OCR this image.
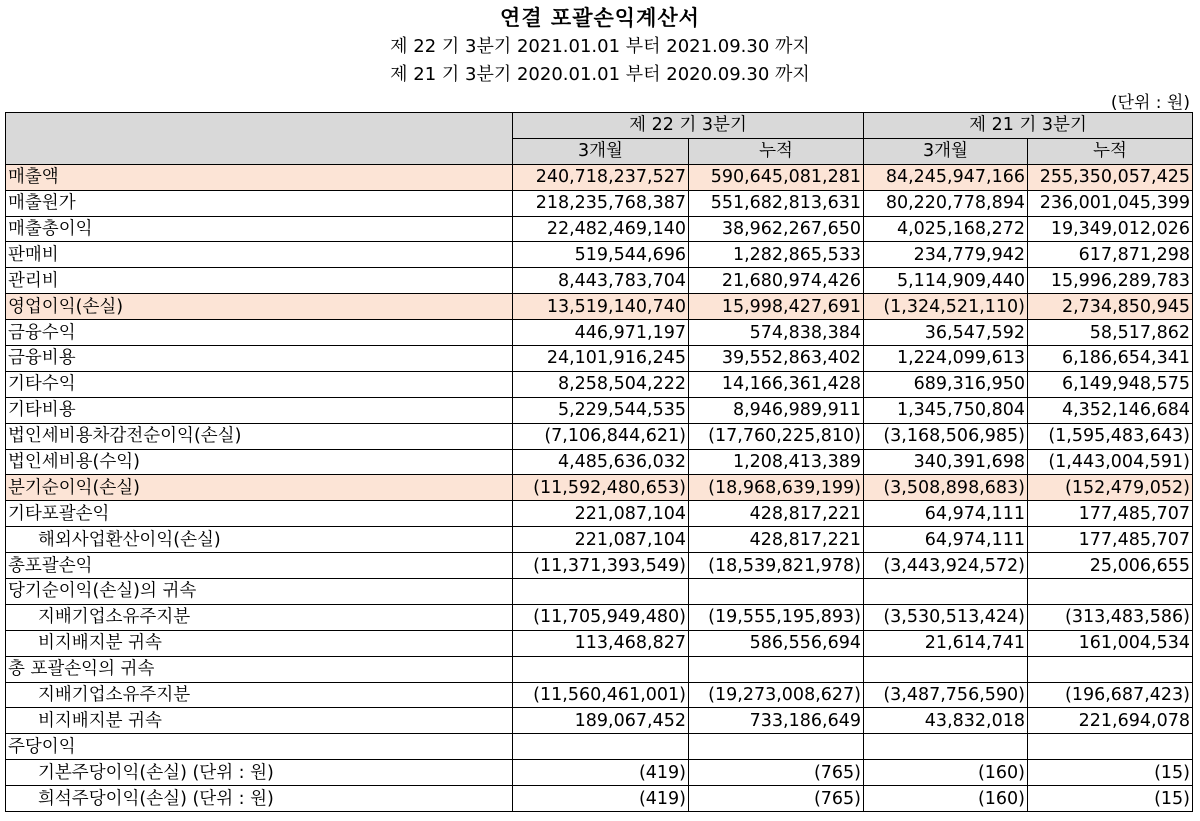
연결 포괄손익계산서
제 22 기 3분기 2021.01.01 부터 2021.09.30 까지
제 21 기 3분기 2020.01.01 부터 2020.09.30 까지
(단위 : 원)
	제 22 기 3분기		제 21 기 3분기	
	3개월	누적	3개월	누적
매출액	240,718,237,527	590,645,081,281	84,245,947,166	255,350,057,425
매출원가	218,235,768,387	551,682,813,631	80,220,778,894	236,001,045,399
매출총이익	22,482,469,140	38,962,267,650	4,025,168,272	19,349,012,026
판매비	519,544,696	1,282,865,533	234,779,942	617,871,298
관리비	8,443,783,704	21,680,974,426	5,114,909,440	15,996,289,783
영업이익(손실)	13,519,140,740	15,998,427,691	(1,324,521,110)	2,734,850,945
금융수익	446,971,197	574,838,384	36,547,592	58,517,862
금융비용	24,101,916,245	39,552,863,402	1,224,099,613	6,186,654,341
기타수익	8,258,504,222	14,166,361,428	689,316,950	6,149,948,575
기타비용	5,229,544,535	8,946,989,911	1,345,750,804	4,352,146,684
법인세비용차감전순이익(손실)	(7,106,844,621)	(17,760,225,810)	(3,168,506,985)	(1,595,483,643)
법인세비용(수익)	4,485,636,032	1,208,413,389	340,391,698	(1,443,004,591)
분기순이익(손실)	(11,592,480,653)	(18,968,639,199)	(3,508,898,683)	(152,479,052)
기타포괄손익	221,087,104	428,817,221	64,974,111	177,485,707
해외사업환산이익(손실)	221,087,104	428,817,221	64,974,111	177,485,707
총포괄손익	(11,371,393,549)	(18,539,821,978)	(3,443,924,572)	25,006,655
당기순이익(손실)의 귀속				
지배기업소유주지분	(11,705,949,480)	(19,555,195,893)	(3,530,513,424)	(313,483,586)
비지배지분 귀속	113,468,827	586,556,694	21,614,741	161,004,534
총 포괄손익의 귀속				
지배기업소유주지분	(11,560,461,001)	(19,273,008,627)	(3,487,756,590)	(196,687,423)
비지배지분 귀속	189,067,452	733,186,649	43,832,018	221,694,078
주당이익				
기본주당이익(손실) (단위 : 원)	(419)	(765)	(160)	(15)
희석주당이익(손실) (단위 : 원)	(419)	(765)	(160)	(15)
